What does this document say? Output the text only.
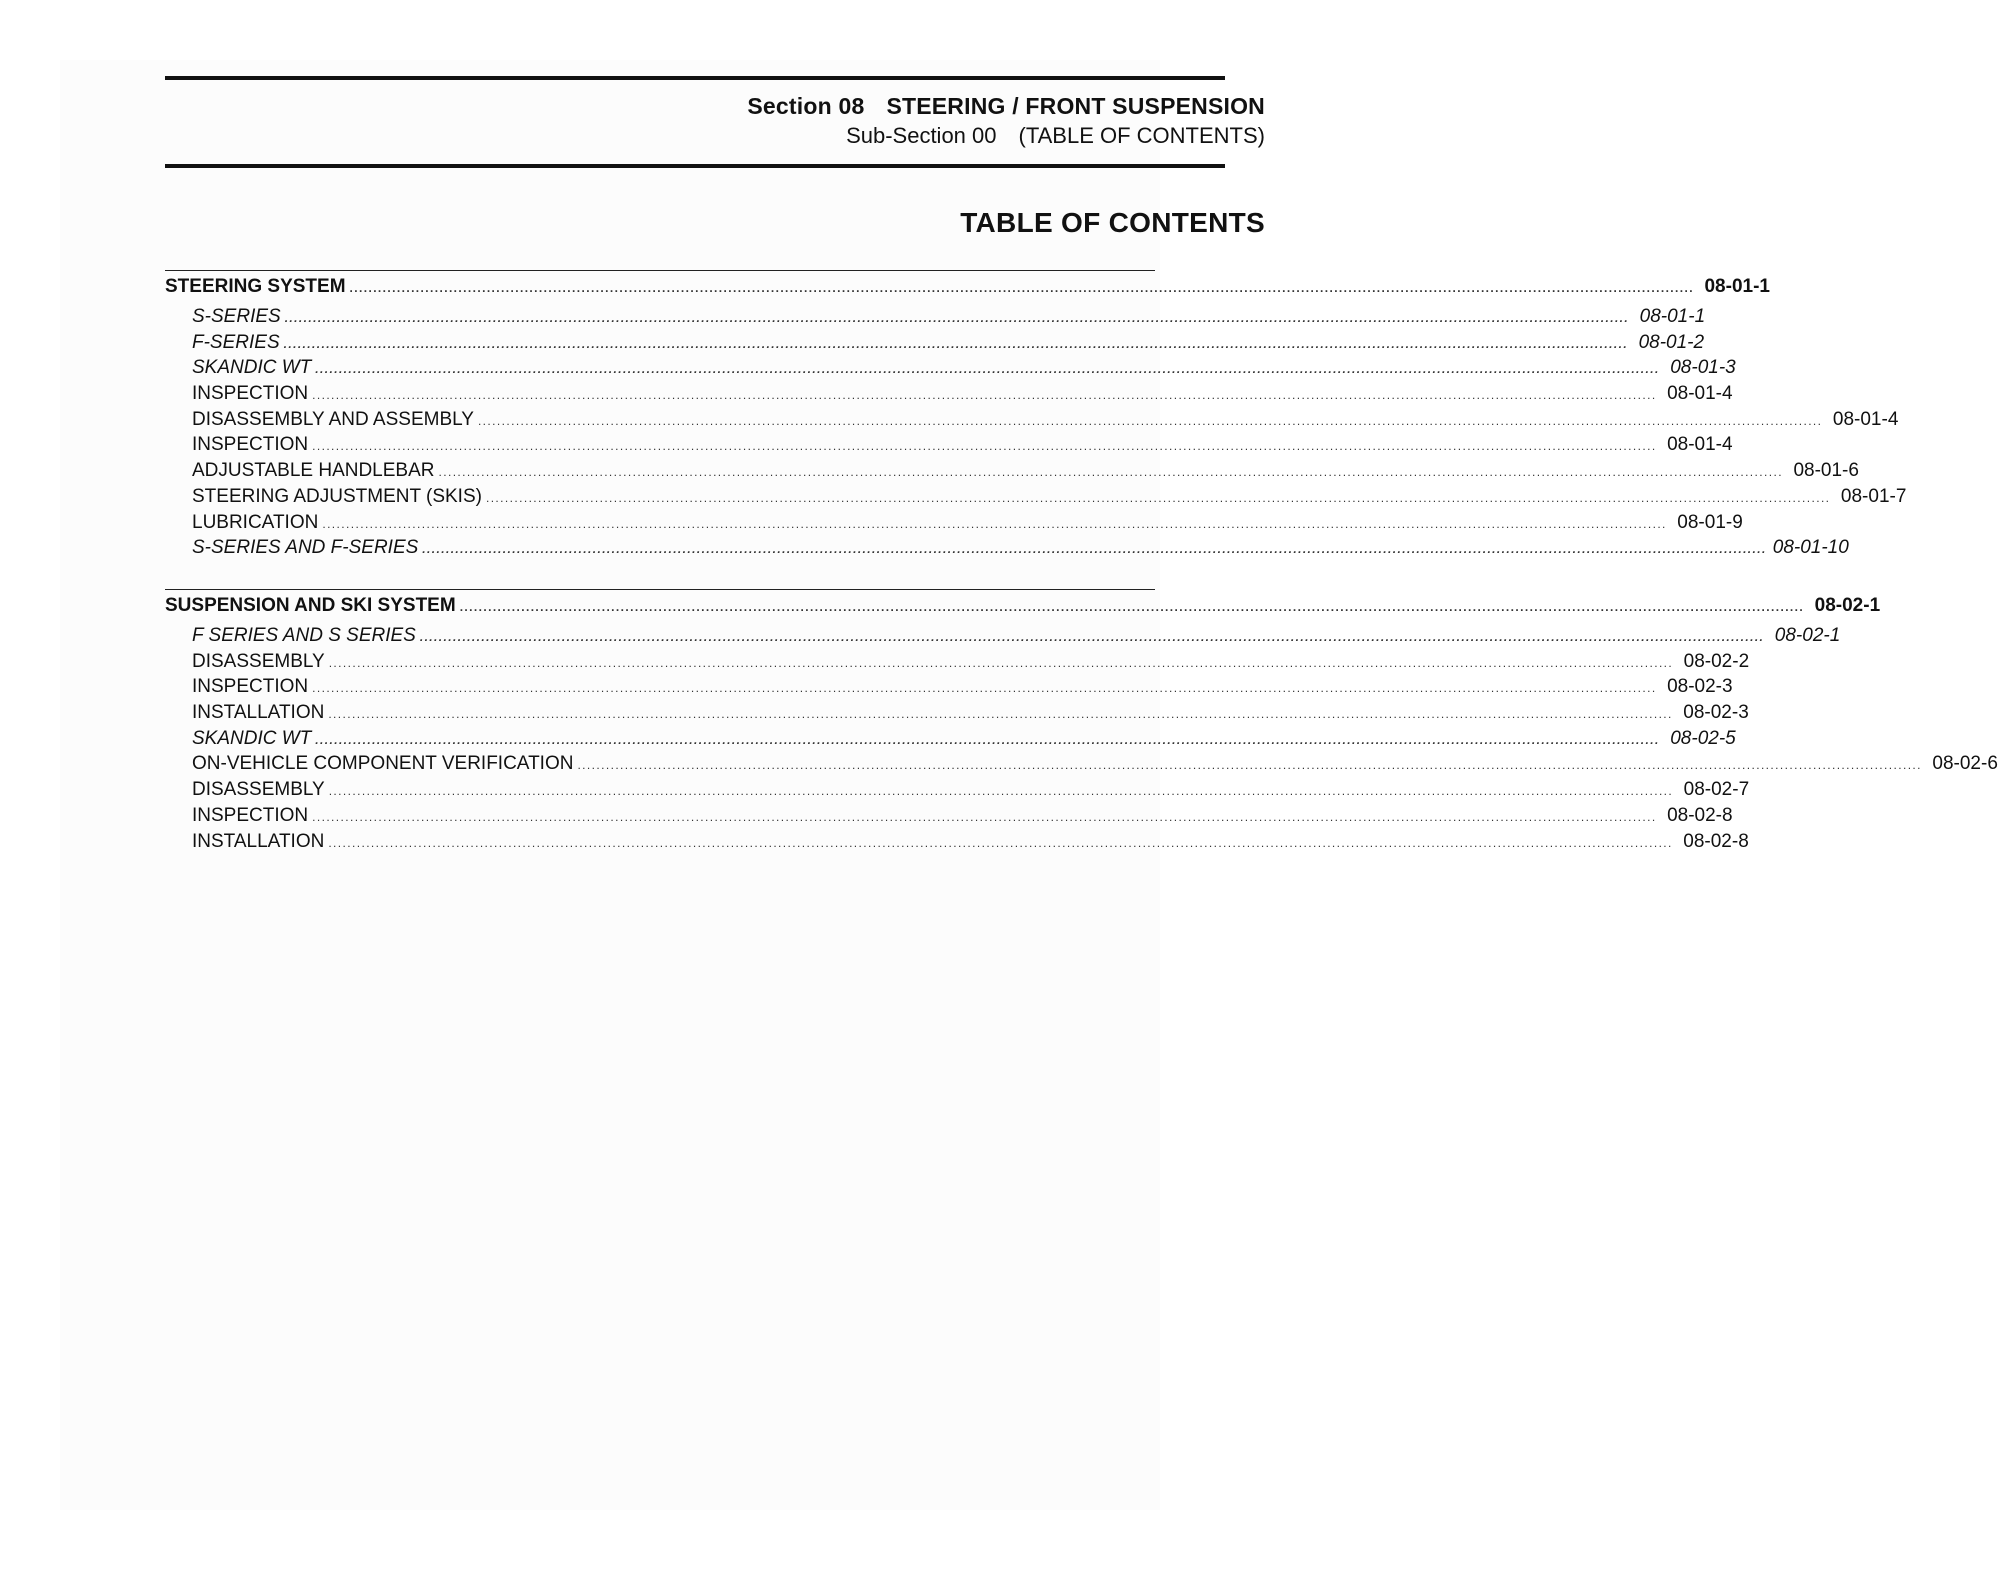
Section 08 STEERING / FRONT SUSPENSION
Sub-Section 00 (TABLE OF CONTENTS)
TABLE OF CONTENTS
STEERING SYSTEM .....	08-01-1
S-SERIES .....	08-01-1
F-SERIES .....	08-01-2
SKANDIC WT .....	08-01-3
INSPECTION .....	08-01-4
DISASSEMBLY AND ASSEMBLY .....	08-01-4
INSPECTION .....	08-01-4
ADJUSTABLE HANDLEBAR .....	08-01-6
STEERING ADJUSTMENT (SKIS) .....	08-01-7
LUBRICATION .....	08-01-9
S-SERIES AND F-SERIES .....	08-01-10
SUSPENSION AND SKI SYSTEM .....	08-02-1
F SERIES AND S SERIES .....	08-02-1
DISASSEMBLY .....	08-02-2
INSPECTION .....	08-02-3
INSTALLATION .....	08-02-3
SKANDIC WT .....	08-02-5
ON-VEHICLE COMPONENT VERIFICATION .....	08-02-6
DISASSEMBLY .....	08-02-7
INSPECTION .....	08-02-8
INSTALLATION .....	08-02-8
